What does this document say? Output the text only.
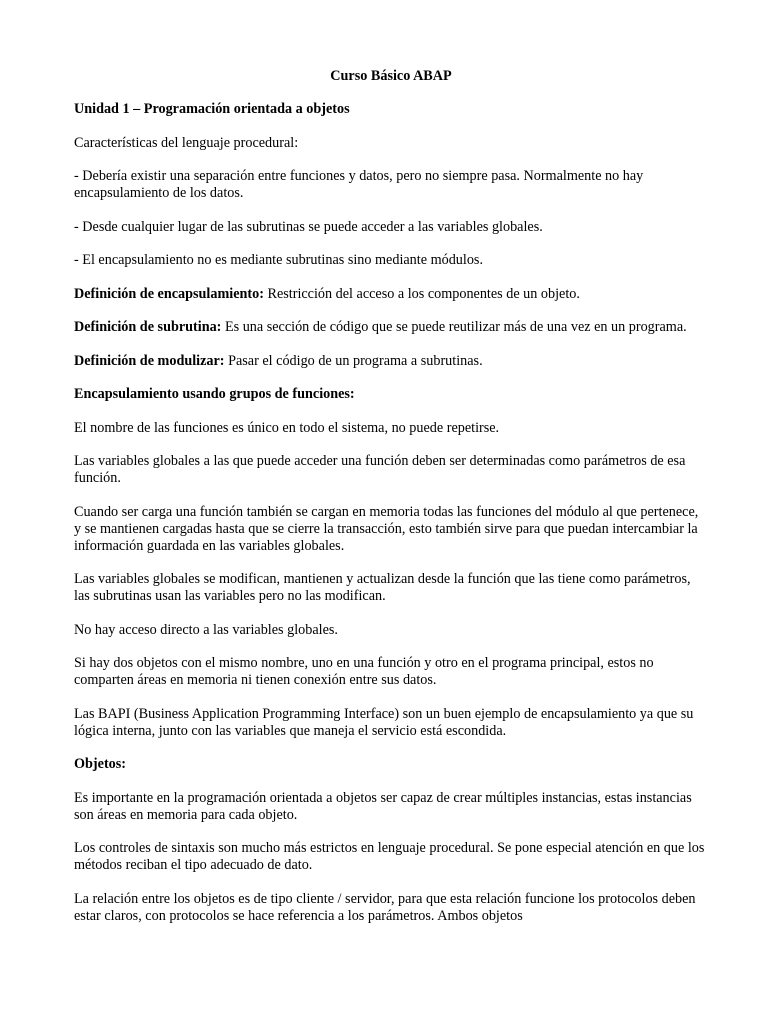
Curso Básico ABAP

Unidad 1 – Programación orientada a objetos

Características del lenguaje procedural:

- Debería existir una separación entre funciones y datos, pero no siempre pasa. Normalmente no hay encapsulamiento de los datos.

- Desde cualquier lugar de las subrutinas se puede acceder a las variables globales.

- El encapsulamiento no es mediante subrutinas sino mediante módulos.

Definición de encapsulamiento: Restricción del acceso a los componentes de un objeto.

Definición de subrutina: Es una sección de código que se puede reutilizar más de una vez en un programa.

Definición de modulizar: Pasar el código de un programa a subrutinas.

Encapsulamiento usando grupos de funciones:

El nombre de las funciones es único en todo el sistema, no puede repetirse.

Las variables globales a las que puede acceder una función deben ser determinadas como parámetros de esa función.

Cuando ser carga una función también se cargan en memoria todas las funciones del módulo al que pertenece, y se mantienen cargadas hasta que se cierre la transacción, esto también sirve para que puedan intercambiar la información guardada en las variables globales.

Las variables globales se modifican, mantienen y actualizan desde la función que las tiene como parámetros, las subrutinas usan las variables pero no las modifican.

No hay acceso directo a las variables globales.

Si hay dos objetos con el mismo nombre, uno en una función y otro en el programa principal, estos no comparten áreas en memoria ni tienen conexión entre sus datos.

Las BAPI (Business Application Programming Interface) son un buen ejemplo de encapsulamiento ya que su lógica interna, junto con las variables que maneja el servicio está escondida.

Objetos:

Es importante en la programación orientada a objetos ser capaz de crear múltiples instancias, estas instancias son áreas en memoria para cada objeto.

Los controles de sintaxis son mucho más estrictos en lenguaje procedural. Se pone especial atención en que los métodos reciban el tipo adecuado de dato.

La relación entre los objetos es de tipo cliente / servidor, para que esta relación funcione los protocolos deben estar claros, con protocolos se hace referencia a los parámetros. Ambos objetos
